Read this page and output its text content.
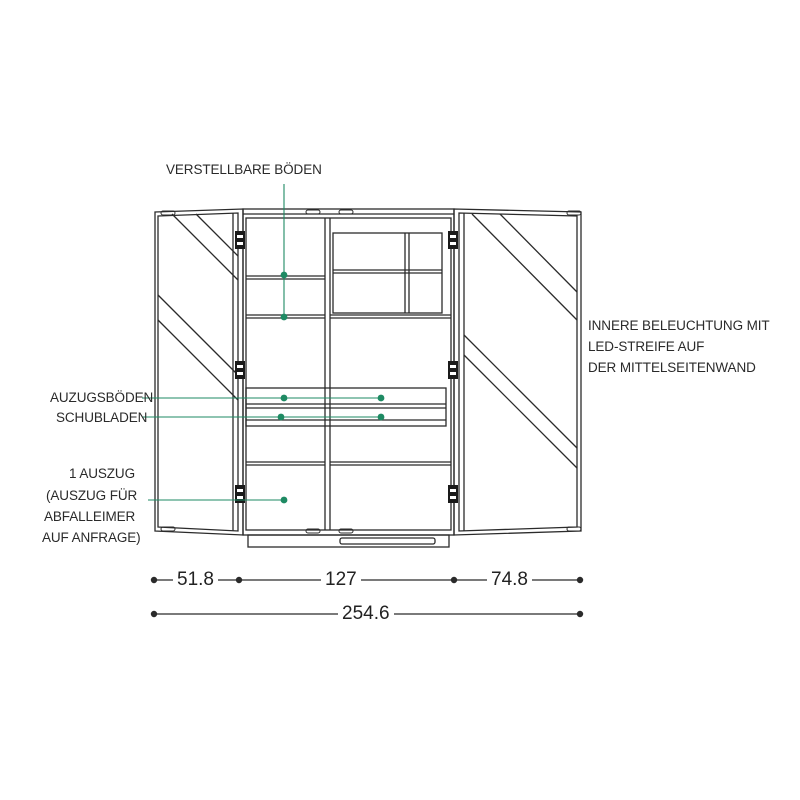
VERSTELLBARE BÖDEN
AUZUGSBÖDEN
SCHUBLADEN
1 AUSZUG
(AUSZUG FÜR
ABFALLEIMER
AUF ANFRAGE)
INNERE BELEUCHTUNG MIT
LED-STREIFE AUF
DER MITTELSEITENWAND
51.8	127	74.8
254.6
